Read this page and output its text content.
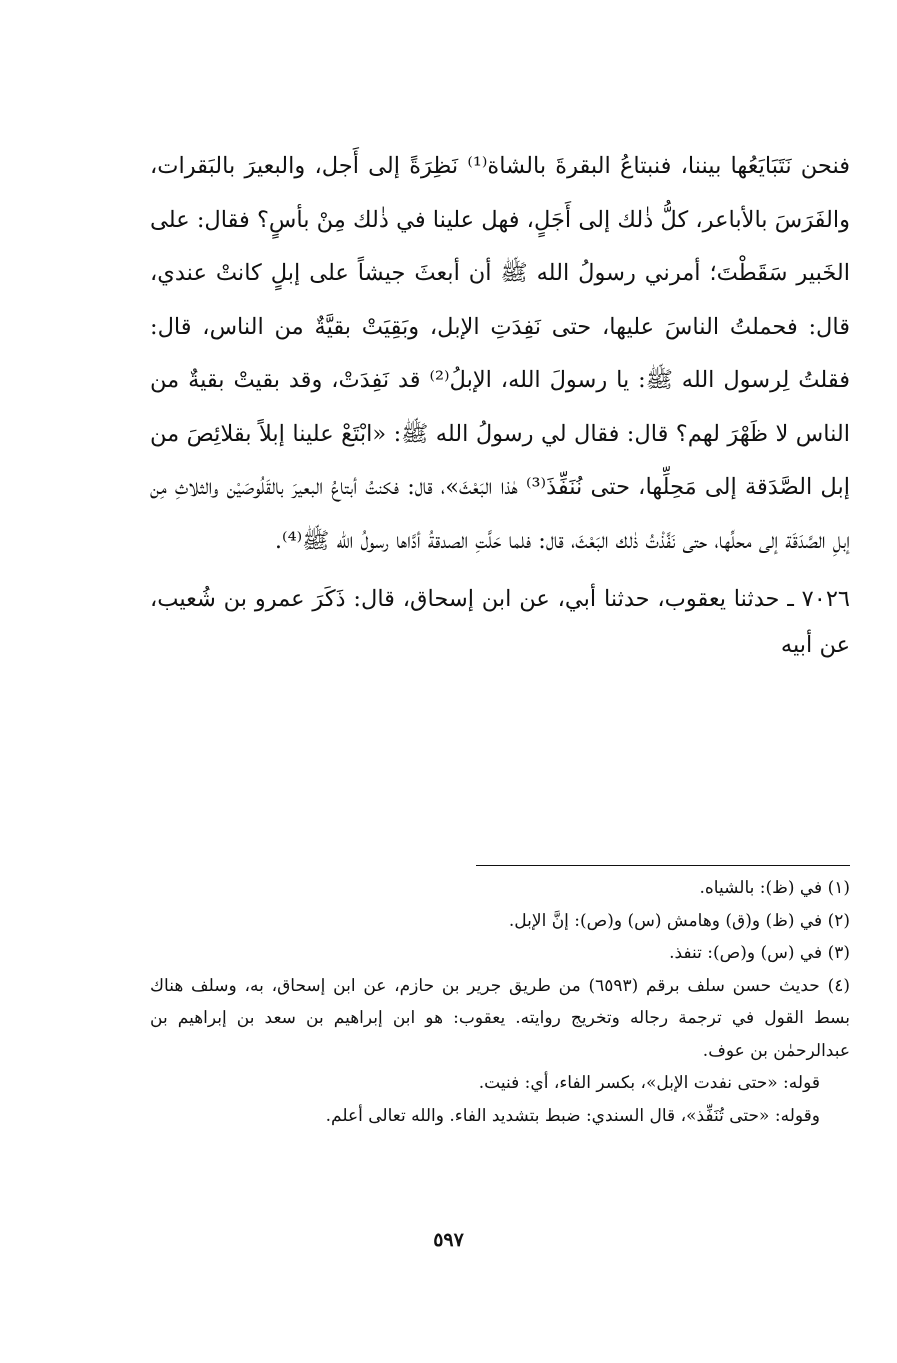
فنحن نَتَبَايَعُها بيننا، فنبتاعُ البقرةَ بالشاة⁽¹⁾ نَظِرَةً إلى أَجل، والبعيرَ بالبَقرات، والفَرَسَ بالأباعر، كلُّ ذٰلك إلى أَجَلٍ، فهل علينا في ذٰلك مِنْ بأسٍ؟ فقال: على الخَبير سَقَطْتَ؛ أمرني رسولُ الله ﷺ أن أبعثَ جيشاً على إبلٍ كانتْ عندي، قال: فحملتُ الناسَ عليها، حتى نَفِدَتِ الإبل، وبَقِيَتْ بقيَّةٌ من الناس، قال: فقلتُ لِرسول الله ﷺ: يا رسولَ الله، الإبلُ⁽²⁾ قد نَفِدَتْ، وقد بقيتْ بقيةٌ من الناس لا ظَهْرَ لهم؟ قال: فقال لي رسولُ الله ﷺ: «ابْتَعْ علينا إبلاً بقلائِصَ من إبل الصَّدَقة إلى مَحِلِّها، حتى نُنَفِّذَ⁽³⁾ هٰذا البَعْثَ»، قال: فكنتُ أبتاعُ البعيرَ بالقَلُوصَيْن والثلاثِ مِن إبلِ الصَّدَقَة إلى محلِّها، حتى نَفَّذْتُ ذٰلك البَعْثَ، قال: فلما حَلَّتِ الصدقةُ أدَّاها رسولُ الله ﷺ⁽⁴⁾.

٧٠٢٦ ـ حدثنا يعقوب، حدثنا أبي، عن ابن إسحاق، قال: ذَكَرَ عمرو بن شُعيب، عن أبيه

(١) في (ظ): بالشياه.

(٢) في (ظ) و(ق) وهامش (س) و(ص): إنَّ الإبل.

(٣) في (س) و(ص): تنفذ.

(٤) حديث حسن سلف برقم (٦٥٩٣) من طريق جرير بن حازم، عن ابن إسحاق، به، وسلف هناك بسط القول في ترجمة رجاله وتخريج روايته. يعقوب: هو ابن إبراهيم بن سعد بن إبراهيم بن عبدالرحمٰن بن عوف.

قوله: «حتى نفدت الإبل»، بكسر الفاء، أي: فنيت.

وقوله: «حتى تُنَفِّذ»، قال السندي: ضبط بتشديد الفاء. والله تعالى أعلم.

٥٩٧
